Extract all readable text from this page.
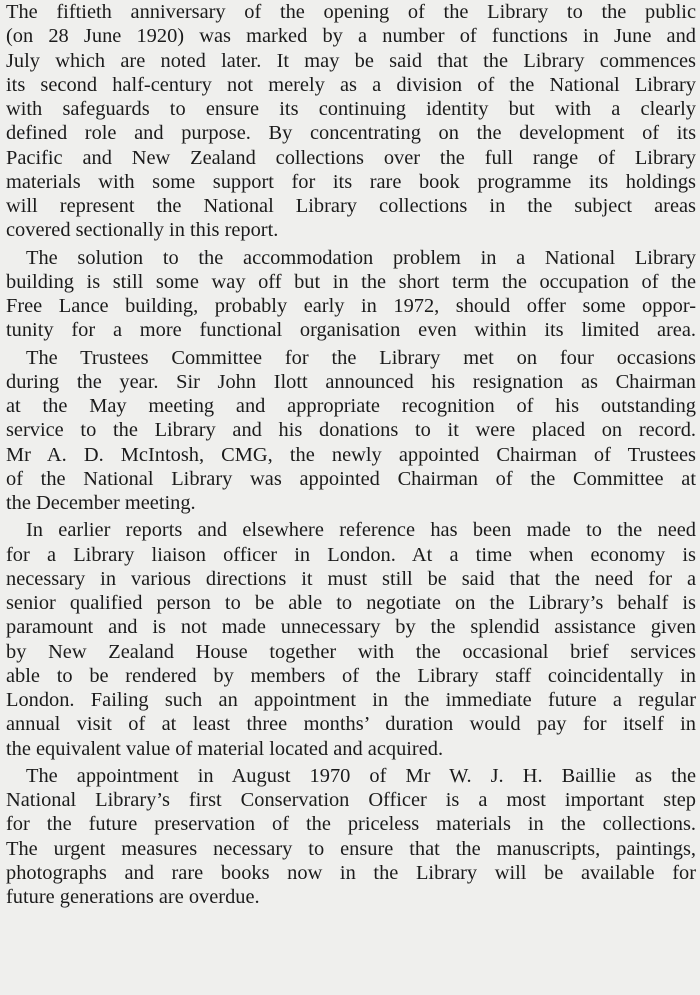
The fiftieth anniversary of the opening of the Library to the public
(on 28 June 1920) was marked by a number of functions in June and
July which are noted later. It may be said that the Library commences
its second half-century not merely as a division of the National Library
with safeguards to ensure its continuing identity but with a clearly
defined role and purpose. By concentrating on the development of its
Pacific and New Zealand collections over the full range of Library
materials with some support for its rare book programme its holdings
will represent the National Library collections in the subject areas
covered sectionally in this report.
The solution to the accommodation problem in a National Library
building is still some way off but in the short term the occupation of the
Free Lance building, probably early in 1972, should offer some oppor-
tunity for a more functional organisation even within its limited area.
The Trustees Committee for the Library met on four occasions
during the year. Sir John Ilott announced his resignation as Chairman
at the May meeting and appropriate recognition of his outstanding
service to the Library and his donations to it were placed on record.
Mr A. D. McIntosh, CMG, the newly appointed Chairman of Trustees
of the National Library was appointed Chairman of the Committee at
the December meeting.
In earlier reports and elsewhere reference has been made to the need
for a Library liaison officer in London. At a time when economy is
necessary in various directions it must still be said that the need for a
senior qualified person to be able to negotiate on the Library’s behalf is
paramount and is not made unnecessary by the splendid assistance given
by New Zealand House together with the occasional brief services
able to be rendered by members of the Library staff coincidentally in
London. Failing such an appointment in the immediate future a regular
annual visit of at least three months’ duration would pay for itself in
the equivalent value of material located and acquired.
The appointment in August 1970 of Mr W. J. H. Baillie as the
National Library’s first Conservation Officer is a most important step
for the future preservation of the priceless materials in the collections.
The urgent measures necessary to ensure that the manuscripts, paintings,
photographs and rare books now in the Library will be available for
future generations are overdue.
